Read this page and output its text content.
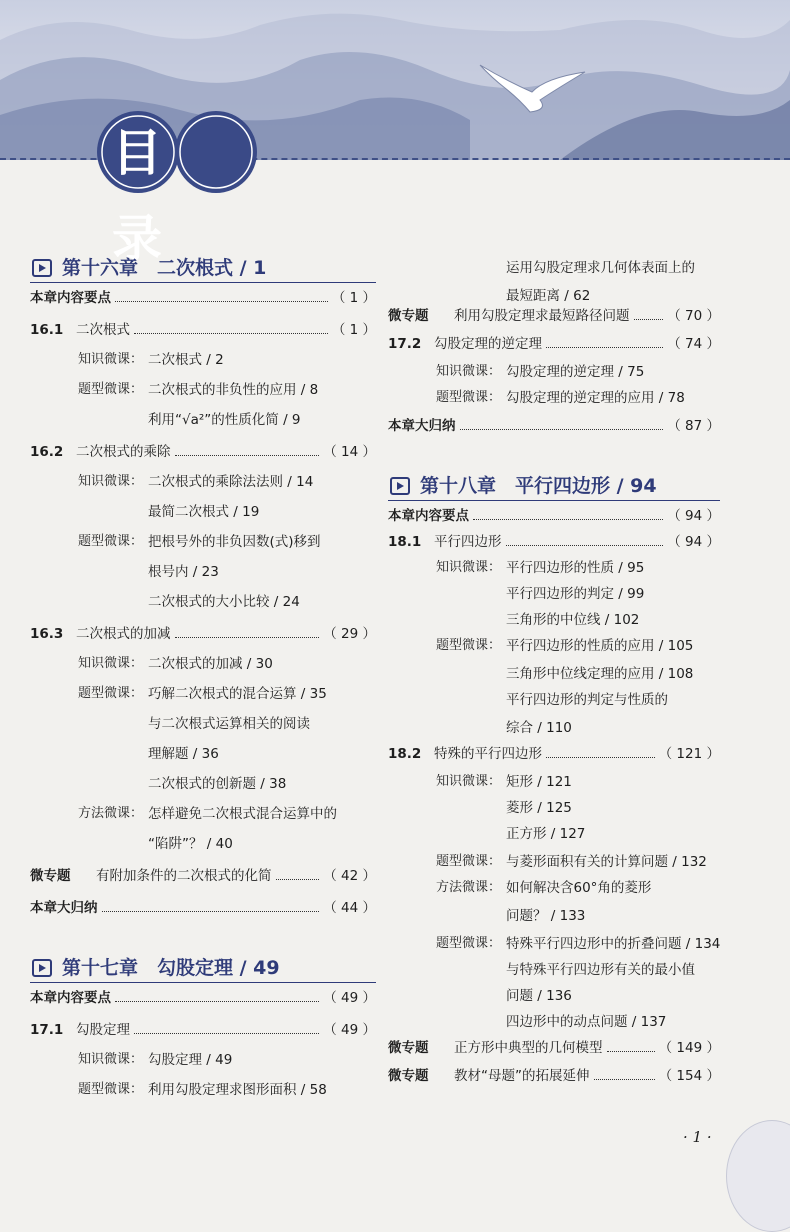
目录
第十六章　二次根式 / 1
本章内容要点	（ 1 ）
16.1 二次根式	（ 1 ）
知识微课： 二次根式 / 2
题型微课： 二次根式的非负性的应用 / 8
利用“√a²”的性质化简 / 9
16.2 二次根式的乘除	（ 14 ）
知识微课： 二次根式的乘除法法则 / 14
最简二次根式 / 19
题型微课： 把根号外的非负因数(式)移到
根号内 / 23
二次根式的大小比较 / 24
16.3 二次根式的加减	（ 29 ）
知识微课： 二次根式的加减 / 30
题型微课： 巧解二次根式的混合运算 / 35
与二次根式运算相关的阅读
理解题 / 36
二次根式的创新题 / 38
方法微课： 怎样避免二次根式混合运算中的
“陷阱”？ / 40
微专题 有附加条件的二次根式的化简	（ 42 ）
本章大归纳	（ 44 ）
第十七章　勾股定理 / 49
本章内容要点	（ 49 ）
17.1 勾股定理	（ 49 ）
知识微课： 勾股定理 / 49
题型微课： 利用勾股定理求图形面积 / 58
运用勾股定理求几何体表面上的
最短距离 / 62
微专题 利用勾股定理求最短路径问题	（ 70 ）
17.2 勾股定理的逆定理	（ 74 ）
知识微课： 勾股定理的逆定理 / 75
题型微课： 勾股定理的逆定理的应用 / 78
本章大归纳	（ 87 ）
第十八章　平行四边形 / 94
本章内容要点	（ 94 ）
18.1 平行四边形	（ 94 ）
知识微课： 平行四边形的性质 / 95
平行四边形的判定 / 99
三角形的中位线 / 102
题型微课： 平行四边形的性质的应用 / 105
三角形中位线定理的应用 / 108
平行四边形的判定与性质的
综合 / 110
18.2 特殊的平行四边形	（ 121 ）
知识微课： 矩形 / 121
菱形 / 125
正方形 / 127
题型微课： 与菱形面积有关的计算问题 / 132
方法微课： 如何解决含60°角的菱形
问题？ / 133
题型微课： 特殊平行四边形中的折叠问题 / 134
与特殊平行四边形有关的最小值
问题 / 136
四边形中的动点问题 / 137
微专题 正方形中典型的几何模型	（ 149 ）
微专题 教材“母题”的拓展延伸	（ 154 ）
· 1 ·
